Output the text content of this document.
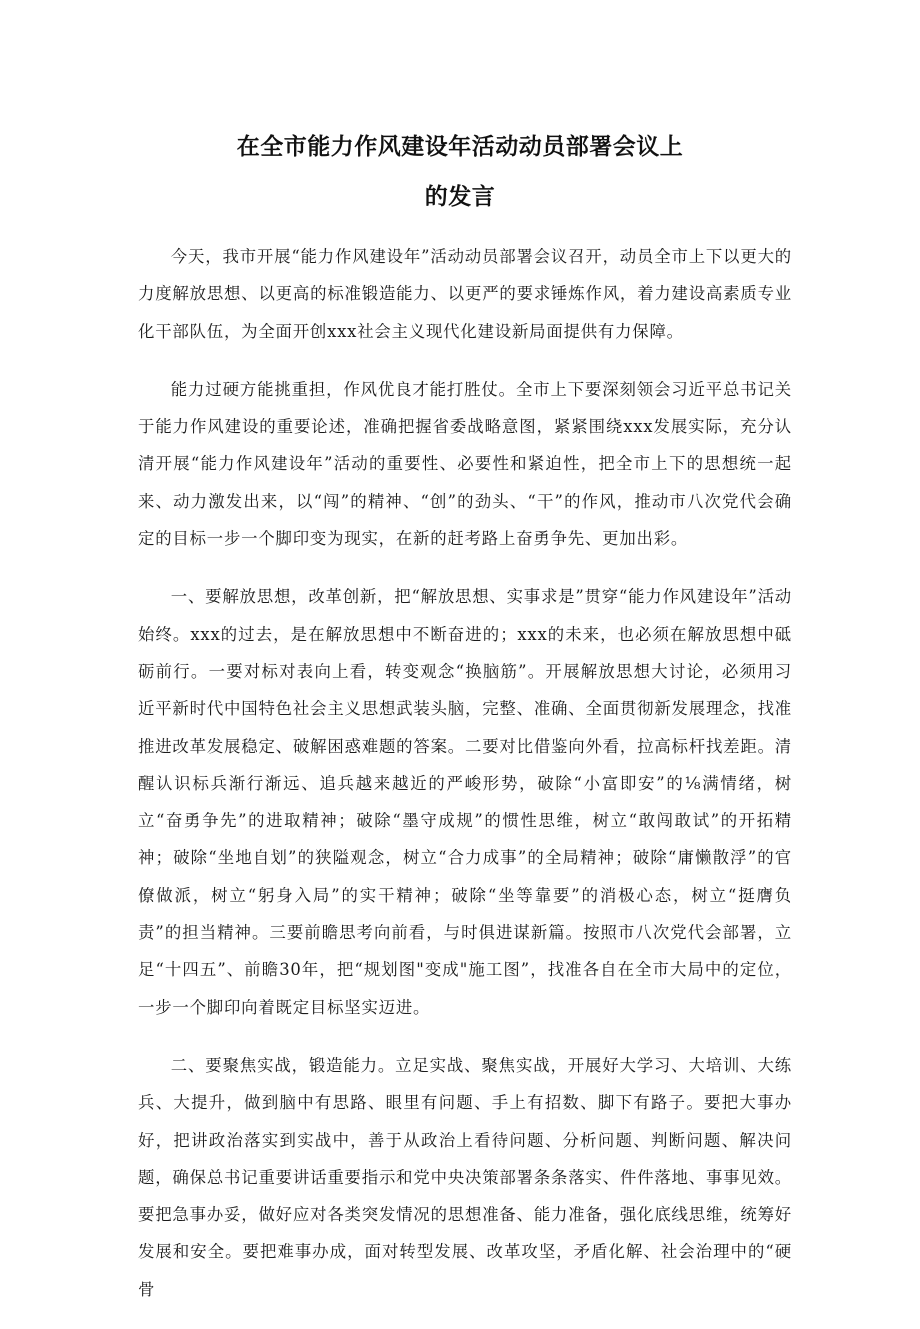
在全市能力作风建设年活动动员部署会议上
的发言

今天，我市开展“能力作风建设年”活动动员部署会议召开，动员全市上下以更大的力度解放思想、以更高的标准锻造能力、以更严的要求锤炼作风，着力建设高素质专业化干部队伍，为全面开创xxx社会主义现代化建设新局面提供有力保障。

能力过硬方能挑重担，作风优良才能打胜仗。全市上下要深刻领会习近平总书记关于能力作风建设的重要论述，准确把握省委战略意图，紧紧围绕xxx发展实际，充分认清开展“能力作风建设年”活动的重要性、必要性和紧迫性，把全市上下的思想统一起来、动力激发出来，以“闯”的精神、“创”的劲头、“干”的作风，推动市八次党代会确定的目标一步一个脚印变为现实，在新的赶考路上奋勇争先、更加出彩。

一、要解放思想，改革创新，把“解放思想、实事求是”贯穿“能力作风建设年”活动始终。xxx的过去，是在解放思想中不断奋进的；xxx的未来，也必须在解放思想中砥砺前行。一要对标对表向上看，转变观念“换脑筋”。开展解放思想大讨论，必须用习近平新时代中国特色社会主义思想武装头脑，完整、准确、全面贯彻新发展理念，找准推进改革发展稳定、破解困惑难题的答案。二要对比借鉴向外看，拉高标杆找差距。清醒认识标兵渐行渐远、追兵越来越近的严峻形势，破除“小富即安”的⅛满情绪，树立“奋勇争先”的进取精神；破除“墨守成规”的惯性思维，树立“敢闯敢试”的开拓精神；破除“坐地自划”的狭隘观念，树立“合力成事”的全局精神；破除“庸懒散浮”的官僚做派，树立“躬身入局”的实干精神；破除“坐等靠要”的消极心态，树立“挺膺负责”的担当精神。三要前瞻思考向前看，与时俱进谋新篇。按照市八次党代会部署，立足“十四五”、前瞻30年，把“规划图"变成"施工图”，找准各自在全市大局中的定位，一步一个脚印向着既定目标坚实迈进。

二、要聚焦实战，锻造能力。立足实战、聚焦实战，开展好大学习、大培训、大练兵、大提升，做到脑中有思路、眼里有问题、手上有招数、脚下有路子。要把大事办好，把讲政治落实到实战中，善于从政治上看待问题、分析问题、判断问题、解决问题，确保总书记重要讲话重要指示和党中央决策部署条条落实、件件落地、事事见效。要把急事办妥，做好应对各类突发情况的思想准备、能力准备，强化底线思维，统筹好发展和安全。要把难事办成，面对转型发展、改革攻坚，矛盾化解、社会治理中的“硬骨
